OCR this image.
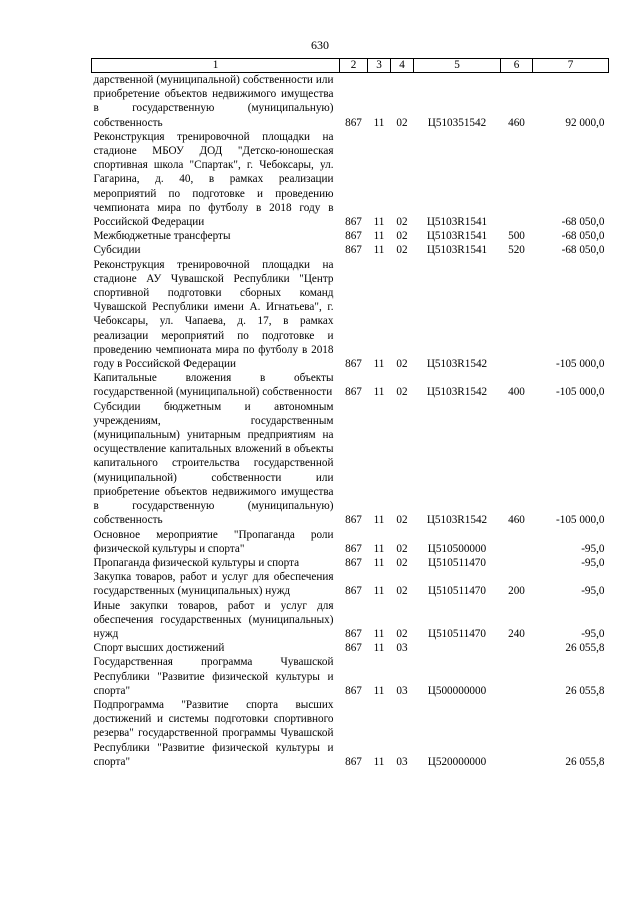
630
1	2	3	4	5	6	7
дарственной (муниципальной) собственности или приобретение объектов недвижимого имущества в государственную (муниципальную) собственность	867	11	02	Ц510351542	460	92 000,0
Реконструкция тренировочной площадки на стадионе МБОУ ДОД "Детско-юношеская спортивная школа "Спартак", г. Чебоксары, ул. Гагарина, д. 40, в рамках реализации мероприятий по подготовке и проведению чемпионата мира по футболу в 2018 году в Российской Федерации	867	11	02	Ц5103R1541		-68 050,0
Межбюджетные трансферты	867	11	02	Ц5103R1541	500	-68 050,0
Субсидии	867	11	02	Ц5103R1541	520	-68 050,0
Реконструкция тренировочной площадки на стадионе АУ Чувашской Республики "Центр спортивной подготовки сборных команд Чувашской Республики имени А. Игнатьева", г. Чебоксары, ул. Чапаева, д. 17, в рамках реализации мероприятий по подготовке и проведению чемпионата мира по футболу в 2018 году в Российской Федерации	867	11	02	Ц5103R1542		-105 000,0
Капитальные вложения в объекты государственной (муниципальной) собственности	867	11	02	Ц5103R1542	400	-105 000,0
Субсидии бюджетным и автономным учреждениям, государственным (муниципальным) унитарным предприятиям на осуществление капитальных вложений в объекты капитального строительства государственной (муниципальной) собственности или приобретение объектов недвижимого имущества в государственную (муниципальную) собственность	867	11	02	Ц5103R1542	460	-105 000,0
Основное мероприятие "Пропаганда роли физической культуры и спорта"	867	11	02	Ц510500000		-95,0
Пропаганда физической культуры и спорта	867	11	02	Ц510511470		-95,0
Закупка товаров, работ и услуг для обеспечения государственных (муниципальных) нужд	867	11	02	Ц510511470	200	-95,0
Иные закупки товаров, работ и услуг для обеспечения государственных (муниципальных) нужд	867	11	02	Ц510511470	240	-95,0
Спорт высших достижений	867	11	03			26 055,8
Государственная программа Чувашской Республики "Развитие физической культуры и спорта"	867	11	03	Ц500000000		26 055,8
Подпрограмма "Развитие спорта высших достижений и системы подготовки спортивного резерва" государственной программы Чувашской Республики "Развитие физической культуры и спорта"	867	11	03	Ц520000000		26 055,8
